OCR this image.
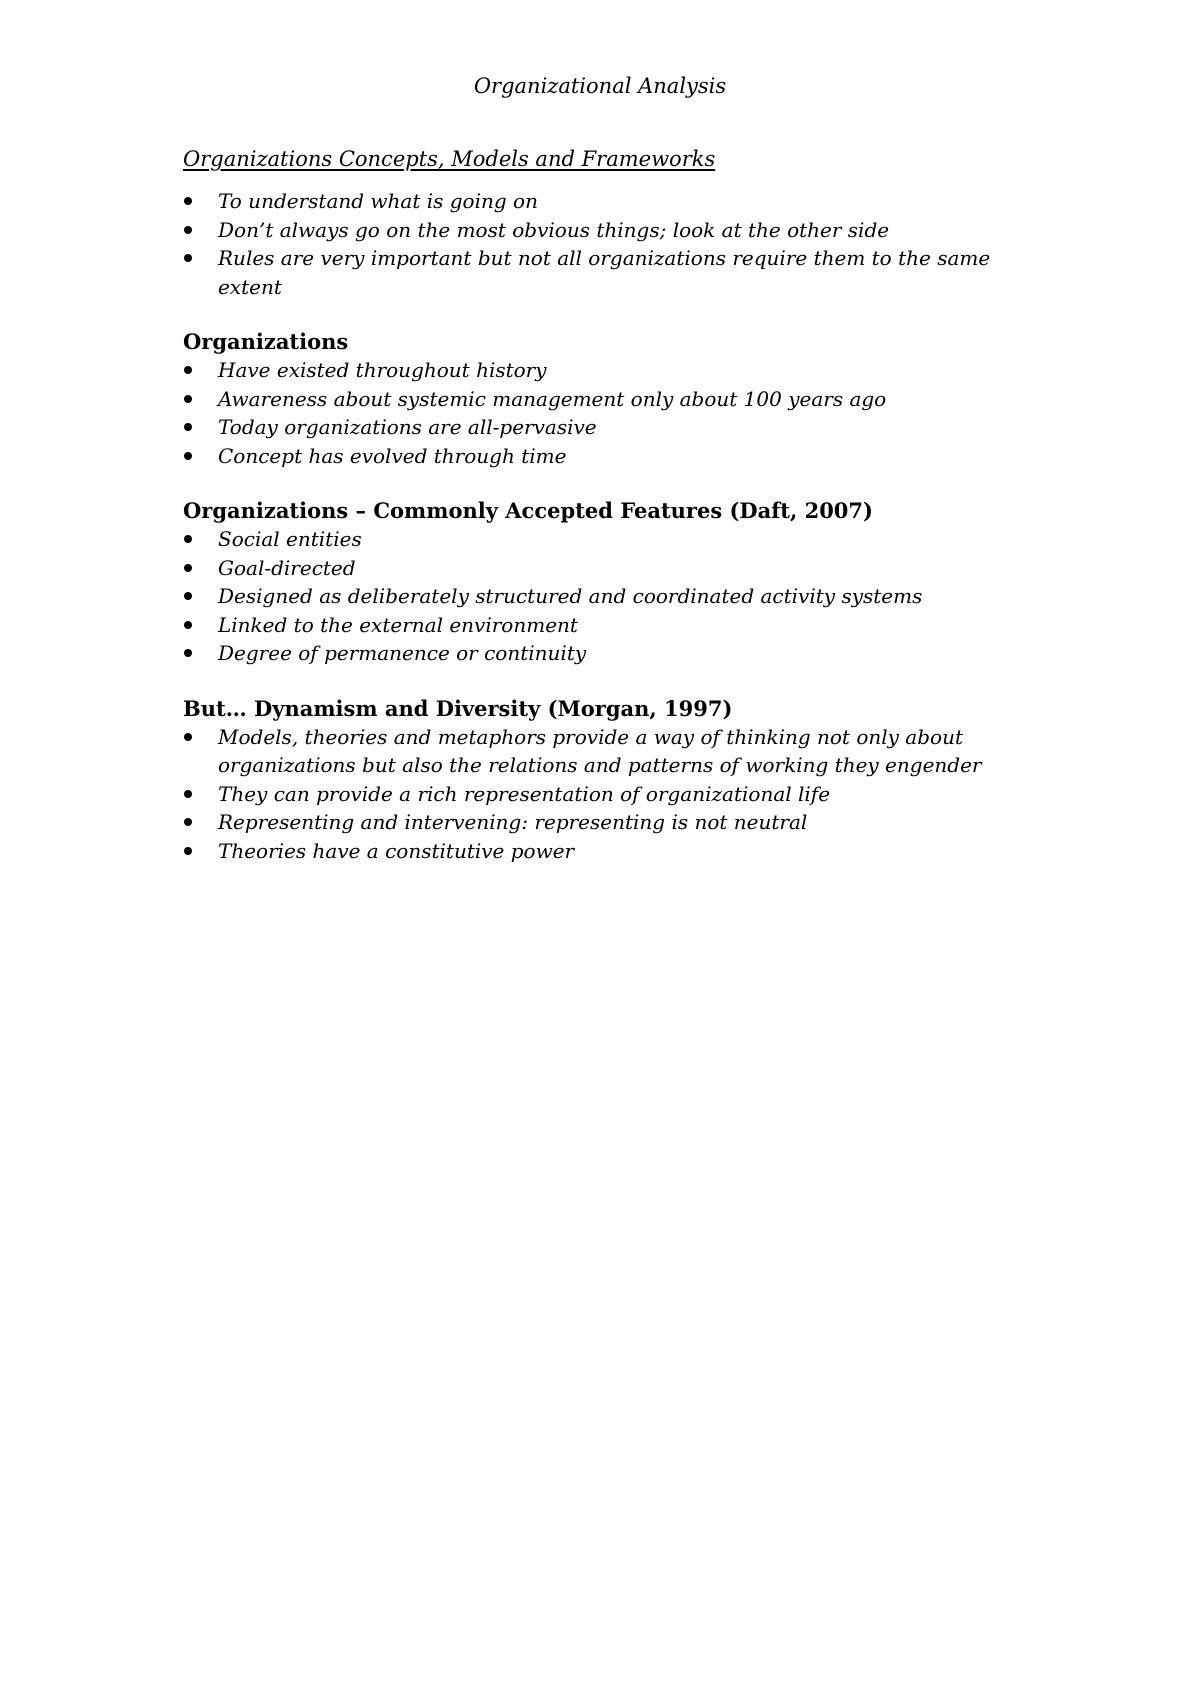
Organizational Analysis
Organizations Concepts, Models and Frameworks
To understand what is going on
Don’t always go on the most obvious things; look at the other side
Rules are very important but not all organizations require them to the same extent
Organizations
Have existed throughout history
Awareness about systemic management only about 100 years ago
Today organizations are all-pervasive
Concept has evolved through time
Organizations – Commonly Accepted Features (Daft, 2007)
Social entities
Goal-directed
Designed as deliberately structured and coordinated activity systems
Linked to the external environment
Degree of permanence or continuity
But… Dynamism and Diversity (Morgan, 1997)
Models, theories and metaphors provide a way of thinking not only about organizations but also the relations and patterns of working they engender
They can provide a rich representation of organizational life
Representing and intervening: representing is not neutral
Theories have a constitutive power
